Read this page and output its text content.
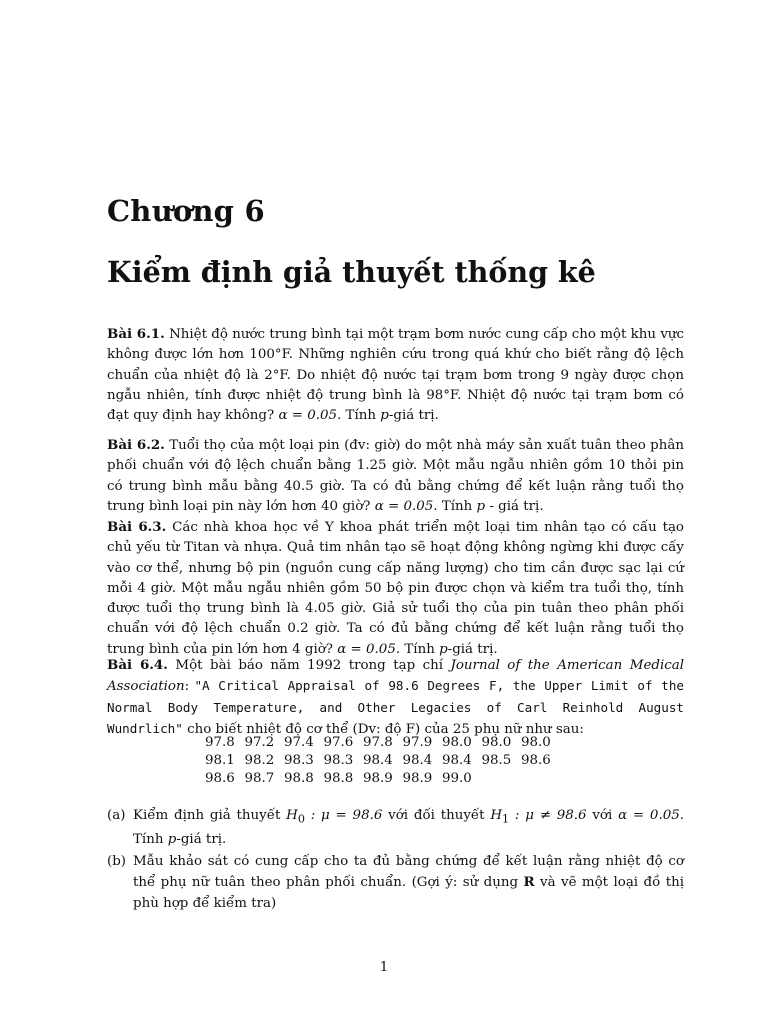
Chương 6
Kiểm định giả thuyết thống kê
Bài 6.1. Nhiệt độ nước trung bình tại một trạm bơm nước cung cấp cho một khu vực không được lớn hơn 100°F. Những nghiên cứu trong quá khứ cho biết rằng độ lệch chuẩn của nhiệt độ là 2°F. Do nhiệt độ nước tại trạm bơm trong 9 ngày được chọn ngẫu nhiên, tính được nhiệt độ trung bình là 98°F. Nhiệt độ nước tại trạm bơm có đạt quy định hay không? α = 0.05. Tính p-giá trị.
Bài 6.2. Tuổi thọ của một loại pin (đv: giờ) do một nhà máy sản xuất tuân theo phân phối chuẩn với độ lệch chuẩn bằng 1.25 giờ. Một mẫu ngẫu nhiên gồm 10 thỏi pin có trung bình mẫu bằng 40.5 giờ. Ta có đủ bằng chứng để kết luận rằng tuổi thọ trung bình loại pin này lớn hơn 40 giờ? α = 0.05. Tính p - giá trị.
Bài 6.3. Các nhà khoa học về Y khoa phát triển một loại tim nhân tạo có cấu tạo chủ yếu từ Titan và nhựa. Quả tim nhân tạo sẽ hoạt động không ngừng khi được cấy vào cơ thể, nhưng bộ pin (nguồn cung cấp năng lượng) cho tim cần được sạc lại cứ mỗi 4 giờ. Một mẫu ngẫu nhiên gồm 50 bộ pin được chọn và kiểm tra tuổi thọ, tính được tuổi thọ trung bình là 4.05 giờ. Giả sử tuổi thọ của pin tuân theo phân phối chuẩn với độ lệch chuẩn 0.2 giờ. Ta có đủ bằng chứng để kết luận rằng tuổi thọ trung bình của pin lớn hơn 4 giờ? α = 0.05. Tính p-giá trị.
Bài 6.4. Một bài báo năm 1992 trong tạp chí Journal of the American Medical Association: "A Critical Appraisal of 98.6 Degrees F, the Upper Limit of the Normal Body Temperature, and Other Legacies of Carl Reinhold August Wundrlich" cho biết nhiệt độ cơ thể (Dv: độ F) của 25 phụ nữ như sau:
97.8	97.2	97.4	97.6	97.8	97.9	98.0	98.0	98.0
98.1	98.2	98.3	98.3	98.4	98.4	98.4	98.5	98.6
98.6	98.7	98.8	98.8	98.9	98.9	99.0		
(a) Kiểm định giả thuyết $H_0$ : μ = 98.6 với đối thuyết $H_1$ : μ ≠ 98.6 với α = 0.05. Tính p-giá trị.
(b) Mẫu khảo sát có cung cấp cho ta đủ bằng chứng để kết luận rằng nhiệt độ cơ thể phụ nữ tuân theo phân phối chuẩn. (Gợi ý: sử dụng R và vẽ một loại đồ thị phù hợp để kiểm tra)
1
